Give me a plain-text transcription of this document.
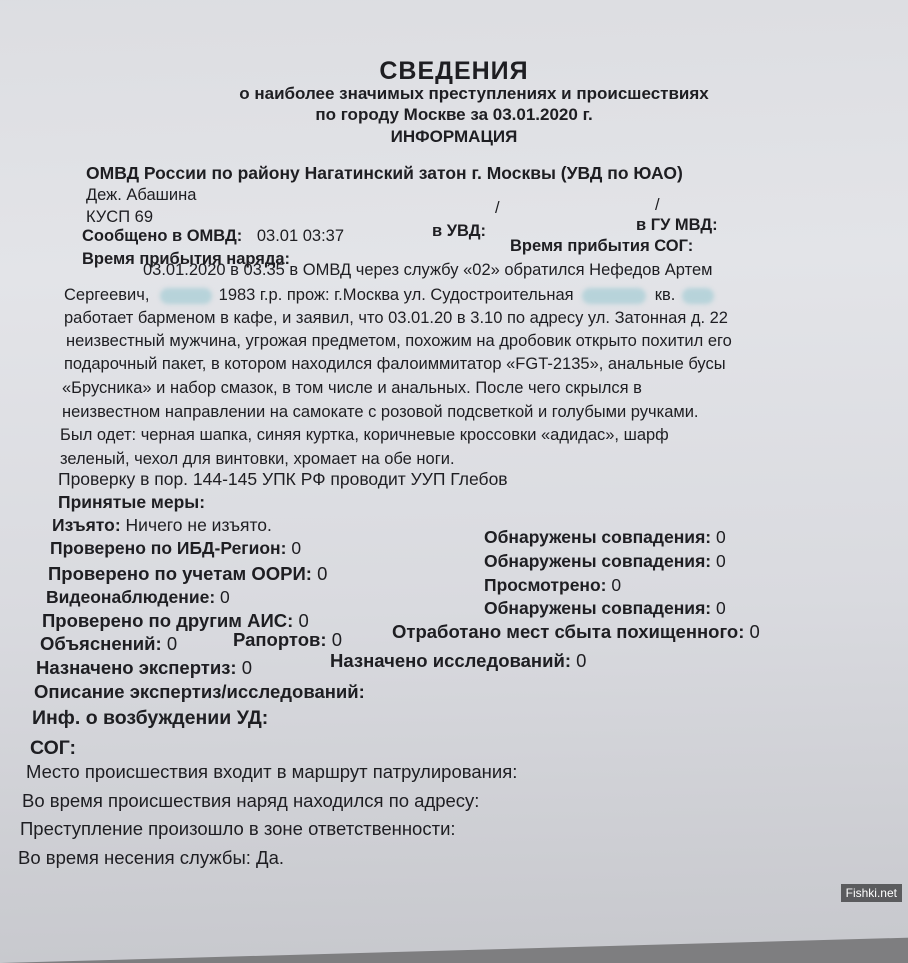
СВЕДЕНИЯ
о наиболее значимых преступлениях и происшествиях
по городу Москве за 03.01.2020 г.
ИНФОРМАЦИЯ
ОМВД России по району Нагатинский затон г. Москвы (УВД по ЮАО)
Деж. Абашина
КУСП 69	/	/
Сообщено в ОМВД: 03.01 03:37	в УВД:	в ГУ МВД:
Время прибытия наряда:
Время прибытия СОГ:
03.01.2020 в 03.35 в ОМВД через службу «02» обратился Нефедов Артем
Сергеевич,	1983 г.р. прож: г.Москва ул. Судостроительная	кв.
работает барменом в кафе, и заявил, что 03.01.20 в 3.10 по адресу ул. Затонная д. 22
неизвестный мужчина, угрожая предметом, похожим на дробовик открыто похитил его
подарочный пакет, в котором находился фалоиммитатор «FGT-2135», анальные бусы
«Брусника» и набор смазок, в том числе и анальных. После чего скрылся в
неизвестном направлении на самокате с розовой подсветкой и голубыми ручками.
Был одет: черная шапка, синяя куртка, коричневые кроссовки «адидас», шарф
зеленый, чехол для винтовки, хромает на обе ноги.
Проверку в пор. 144-145 УПК РФ проводит УУП Глебов
Принятые меры:
Изъято: Ничего не изъято.
Проверено по ИБД-Регион: 0
Обнаружены совпадения: 0
Проверено по учетам ООРИ: 0
Обнаружены совпадения: 0
Видеонаблюдение: 0
Просмотрено: 0
Проверено по другим АИС: 0
Обнаружены совпадения: 0
Объяснений: 0	Рапортов: 0	Отработано мест сбыта похищенного: 0
Назначено экспертиз: 0	Назначено исследований: 0
Описание экспертиз/исследований:
Инф. о возбуждении УД:
СОГ:
Место происшествия входит в маршрут патрулирования:
Во время происшествия наряд находился по адресу:
Преступление произошло в зоне ответственности:
Во время несения службы: Да.
Fishki.net
